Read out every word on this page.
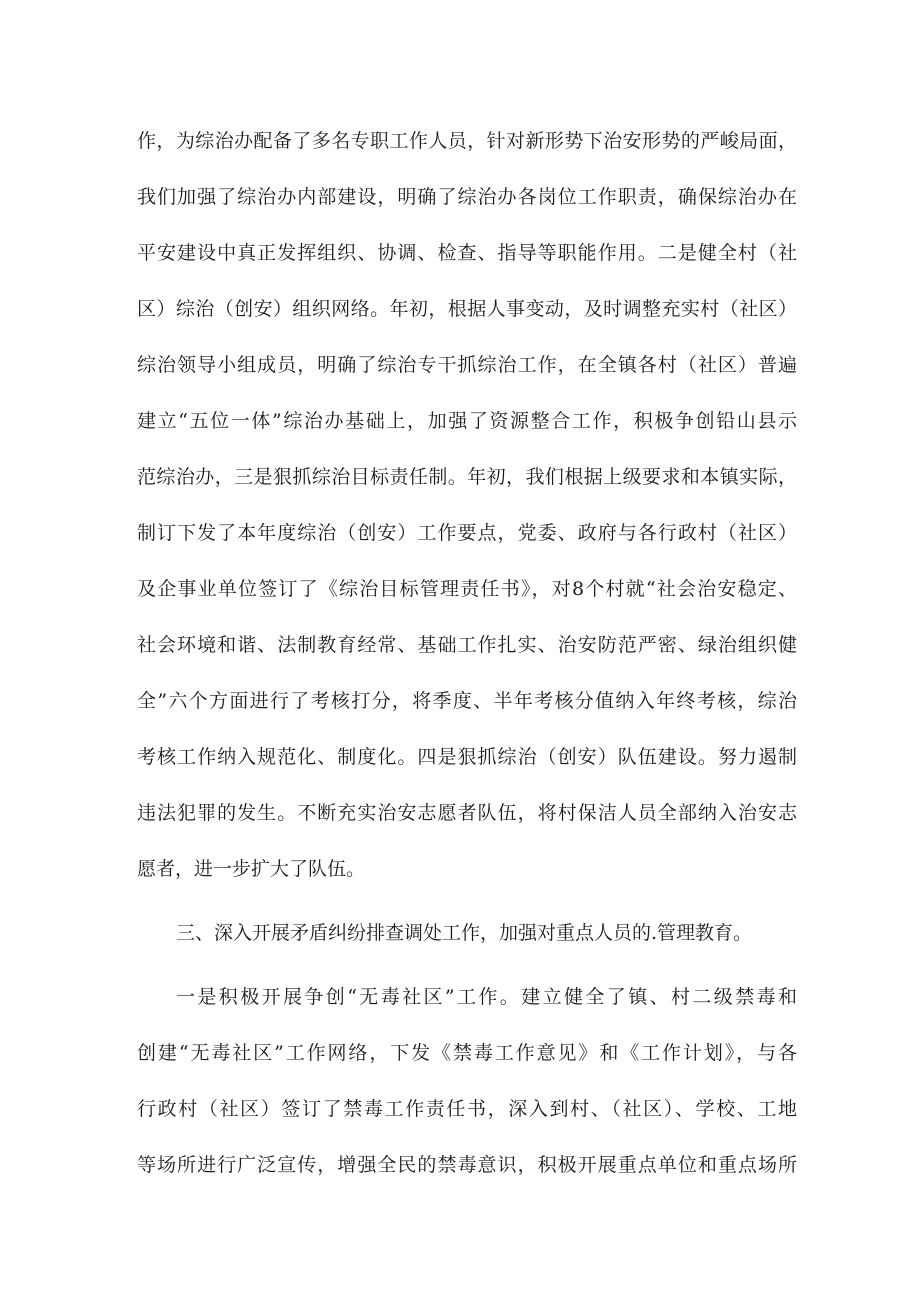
作，为综治办配备了多名专职工作人员，针对新形势下治安形势的严峻局面，
我们加强了综治办内部建设，明确了综治办各岗位工作职责，确保综治办在
平安建设中真正发挥组织、协调、检查、指导等职能作用。二是健全村（社
区）综治（创安）组织网络。年初，根据人事变动，及时调整充实村（社区）
综治领导小组成员，明确了综治专干抓综治工作，在全镇各村（社区）普遍
建立“五位一体”综治办基础上，加强了资源整合工作，积极争创铅山县示
范综治办，三是狠抓综治目标责任制。年初，我们根据上级要求和本镇实际，
制订下发了本年度综治（创安）工作要点，党委、政府与各行政村（社区）
及企事业单位签订了《综治目标管理责任书》，对8个村就“社会治安稳定、
社会环境和谐、法制教育经常、基础工作扎实、治安防范严密、绿治组织健
全”六个方面进行了考核打分，将季度、半年考核分值纳入年终考核，综治
考核工作纳入规范化、制度化。四是狠抓综治（创安）队伍建设。努力遏制
违法犯罪的发生。不断充实治安志愿者队伍，将村保洁人员全部纳入治安志
愿者，进一步扩大了队伍。
三、深入开展矛盾纠纷排查调处工作，加强对重点人员的.管理教育。
一是积极开展争创“无毒社区”工作。建立健全了镇、村二级禁毒和
创建“无毒社区”工作网络，下发《禁毒工作意见》和《工作计划》，与各
行政村（社区）签订了禁毒工作责任书，深入到村、（社区）、学校、工地
等场所进行广泛宣传，增强全民的禁毒意识，积极开展重点单位和重点场所
